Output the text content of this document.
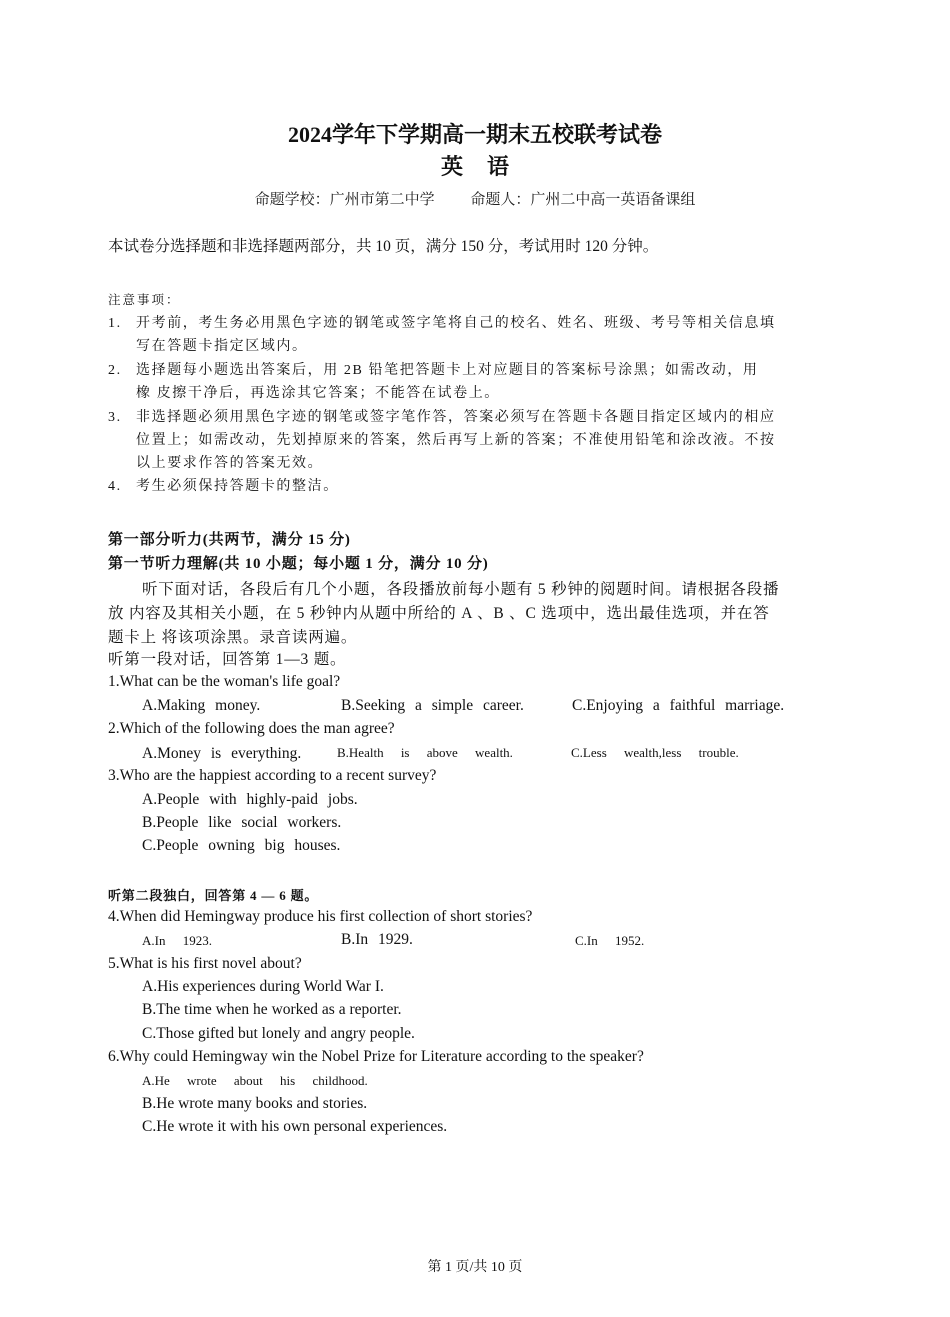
2024学年下学期高一期末五校联考试卷
英语
命题学校：广州市第二中学 命题人：广州二中高一英语备课组
本试卷分选择题和非选择题两部分，共 10 页，满分 150 分，考试用时 120 分钟。
注意事项：
1. 开考前，考生务必用黑色字迹的钢笔或签字笔将自己的校名、姓名、班级、考号等相关信息填
写在答题卡指定区域内。
2. 选择题每小题选出答案后，用 2B 铅笔把答题卡上对应题目的答案标号涂黑；如需改动，用
橡 皮擦干净后，再选涂其它答案；不能答在试卷上。
3. 非选择题必须用黑色字迹的钢笔或签字笔作答，答案必须写在答题卡各题目指定区域内的相应
位置上；如需改动，先划掉原来的答案，然后再写上新的答案；不准使用铅笔和涂改液。不按
以上要求作答的答案无效。
4. 考生必须保持答题卡的整洁。
第一部分听力(共两节，满分 15 分)
第一节听力理解(共 10 小题；每小题 1 分，满分 10 分)
听下面对话，各段后有几个小题，各段播放前每小题有 5 秒钟的阅题时间。请根据各段播
放 内容及其相关小题，在 5 秒钟内从题中所给的 A 、B 、C 选项中，选出最佳选项，并在答
题卡上 将该项涂黑。录音读两遍。
听第一段对话，回答第 1—3 题。
1.What can be the woman's life goal?
A.Making money.	B.Seeking a simple career.	C.Enjoying a faithful marriage.
2.Which of the following does the man agree?
A.Money is everything.	B.Health is above wealth.	C.Less wealth,less trouble.
3.Who are the happiest according to a recent survey?
A.People with highly-paid jobs.
B.People like social workers.
C.People owning big houses.
听第二段独白，回答第 4 — 6 题。
4.When did Hemingway produce his first collection of short stories?
A.In 1923.	B.In 1929.	C.In 1952.
5.What is his first novel about?
A.His experiences during World War I.
B.The time when he worked as a reporter.
C.Those gifted but lonely and angry people.
6.Why could Hemingway win the Nobel Prize for Literature according to the speaker?
A.He wrote about his childhood.
B.He wrote many books and stories.
C.He wrote it with his own personal experiences.
第 1 页/共 10 页
